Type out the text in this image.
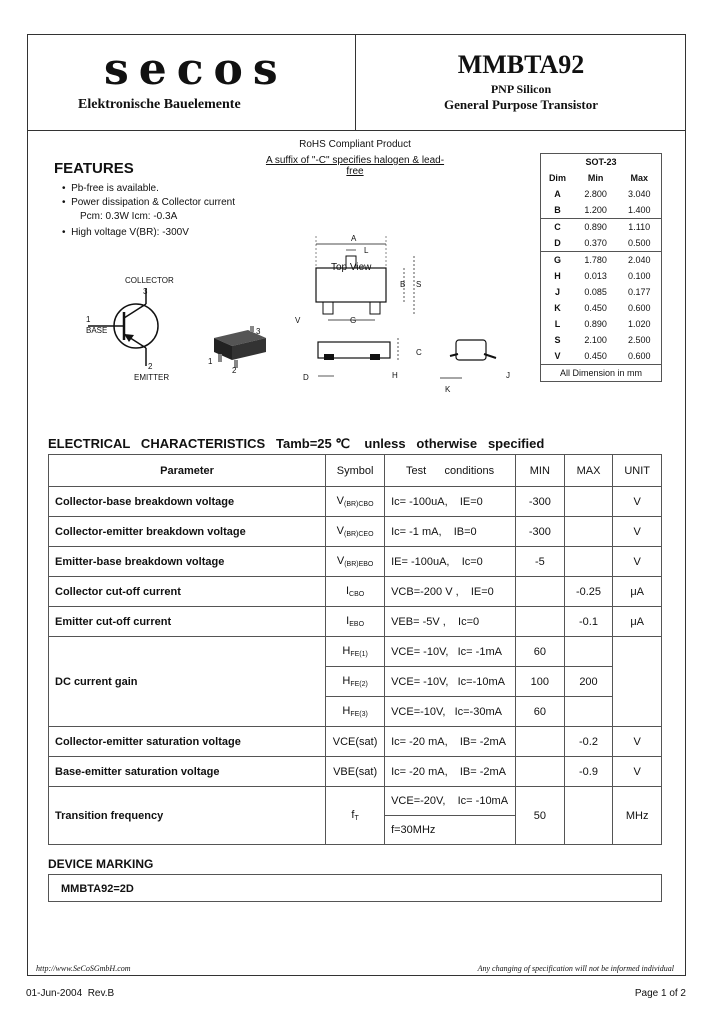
secos
Elektronische Bauelemente
MMBTA92
PNP Silicon
General Purpose Transistor
RoHS Compliant Product
A suffix of "-C" specifies halogen & lead-free
FEATURES
•  Pb-free is available.
•  Power dissipation & Collector current
Pcm: 0.3W Icm: -0.3A
•  High voltage V(BR): -300V
COLLECTOR
3
1
BASE
2
EMITTER
3
1
2
Top View
A
L
B S
V	G
C
D	H
K
J
SOT-23		
Dim	Min	Max
A	2.800	3.040
B	1.200	1.400
C	0.890	1.110
D	0.370	0.500
G	1.780	2.040
H	0.013	0.100
J	0.085	0.177
K	0.450	0.600
L	0.890	1.020
S	2.100	2.500
V	0.450	0.600
All Dimension in mm		
ELECTRICAL   CHARACTERISTICS   Tamb=25 ℃    unless   otherwise   specified
Parameter	Symbol	Test      conditions	MIN	MAX	UNIT
Collector-base breakdown voltage	$V_{(BR)CBO}$	Ic= -100uA,    IE=0	-300		V
Collector-emitter breakdown voltage	$V_{(BR)CEO}$	Ic= -1 mA,    IB=0	-300		V
Emitter-base breakdown voltage	$V_{(BR)EBO}$	IE= -100uA,    Ic=0	-5		V
Collector cut-off current	$I_{CBO}$	VCB=-200 V ,    IE=0		-0.25	μA
Emitter cut-off current	$I_{EBO}$	VEB= -5V ,    Ic=0		-0.1	μA
DC current gain	$H_{FE(1)}$	VCE= -10V,   Ic= -1mA	60		
	$H_{FE(2)}$	VCE= -10V,   Ic=-10mA	100	200	
	$H_{FE(3)}$	VCE=-10V,   Ic=-30mA	60		
Collector-emitter saturation voltage	VCE(sat)	Ic= -20 mA,    IB= -2mA		-0.2	V
Base-emitter saturation voltage	VBE(sat)	Ic= -20 mA,    IB= -2mA		-0.9	V
Transition frequency	$f_T$	VCE=-20V,    Ic= -10mA	50		MHz
		f=30MHz			
DEVICE MARKING
MMBTA92=2D
http://www.SeCoSGmbH.com	Any changing of specification will not be informed individual
01-Jun-2004  Rev.B	Page 1 of 2
